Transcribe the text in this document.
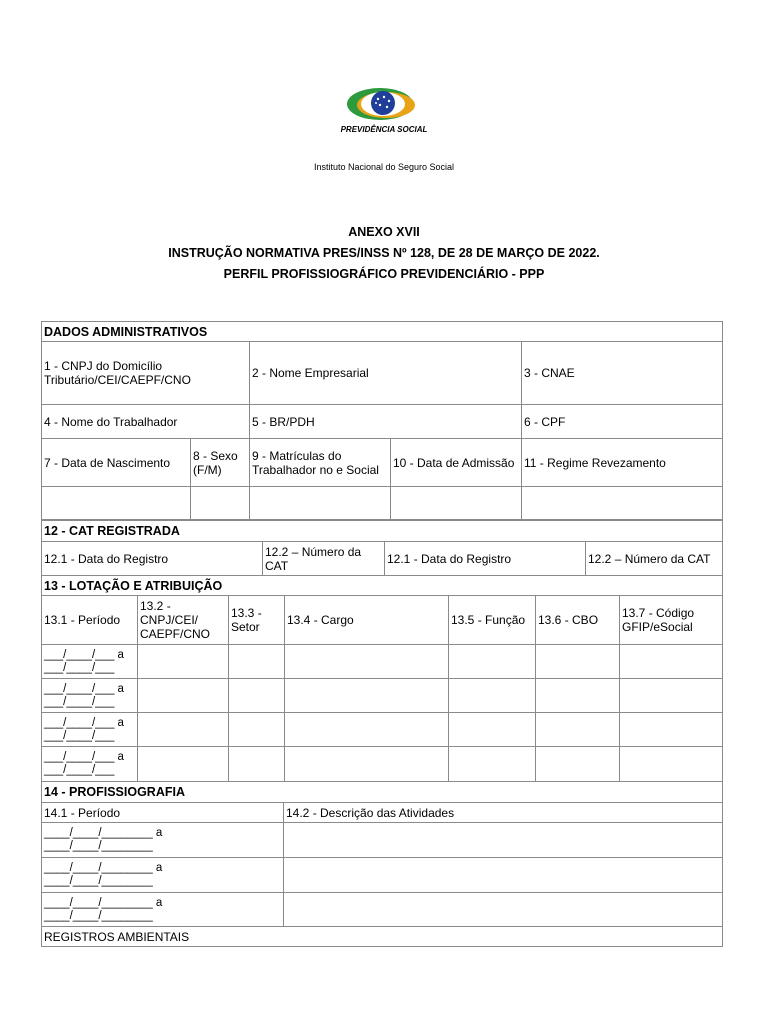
PREVIDÊNCIA SOCIAL
Instituto Nacional do Seguro Social
ANEXO XVII
INSTRUÇÃO NORMATIVA PRES/INSS Nº 128, DE 28 DE MARÇO DE 2022.
PERFIL PROFISSIOGRÁFICO PREVIDENCIÁRIO - PPP
DADOS ADMINISTRATIVOS				
1 - CNPJ do Domicílio Tributário/CEI/CAEPF/CNO		2 - Nome Empresarial		3 - CNAE
4 - Nome do Trabalhador		5 - BR/PDH		6 - CPF
7 - Data de Nascimento	8 - Sexo (F/M)	9 - Matrículas do Trabalhador no e Social	10 - Data de Admissão	11 - Regime Revezamento

12 - CAT REGISTRADA
12.1 - Data do Registro	12.2 – Número da CAT	12.1 - Data do Registro	12.2 – Número da CAT
13 - LOTAÇÃO E ATRIBUIÇÃO						
13.1 - Período	13.2 - CNPJ/CEI/ CAEPF/CNO	13.3 - Setor	13.4 - Cargo	13.5 - Função	13.6 - CBO	13.7 - Código GFIP/eSocial

___/____/___ a
___/____/___						

___/____/___ a
___/____/___						

___/____/___ a
___/____/___						

___/____/___ a
___/____/___						

14 - PROFISSIOGRAFIA	
14.1 - Período	14.2 - Descrição das Atividades

____/____/________ a
____/____/________	

____/____/________ a
____/____/________	

____/____/________ a
____/____/________	

REGISTROS AMBIENTAIS	
